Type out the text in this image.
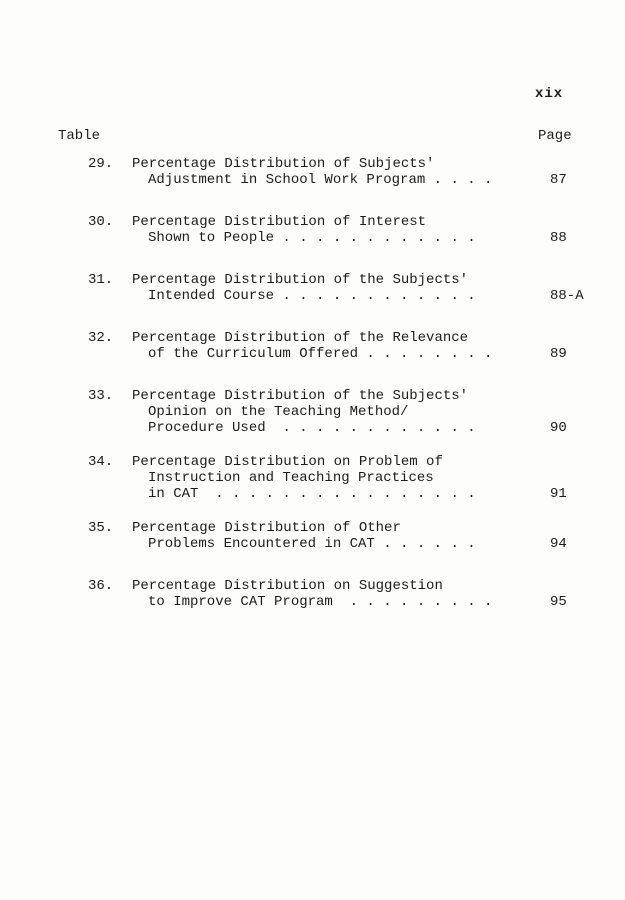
xix
Table	Page
29. Percentage Distribution of Subjects'
Adjustment in School Work Program . . . .	87
30. Percentage Distribution of Interest
Shown to People . . . . . . . . . . . .	88
31. Percentage Distribution of the Subjects'
Intended Course . . . . . . . . . . . .	88-A
32. Percentage Distribution of the Relevance
of the Curriculum Offered . . . . . . . .	89
33. Percentage Distribution of the Subjects'
Opinion on the Teaching Method/
Procedure Used  . . . . . . . . . . . .	90
34. Percentage Distribution on Problem of
Instruction and Teaching Practices
in CAT  . . . . . . . . . . . . . . . .	91
35. Percentage Distribution of Other
Problems Encountered in CAT . . . . . .	94
36. Percentage Distribution on Suggestion
to Improve CAT Program  . . . . . . . . .	95
